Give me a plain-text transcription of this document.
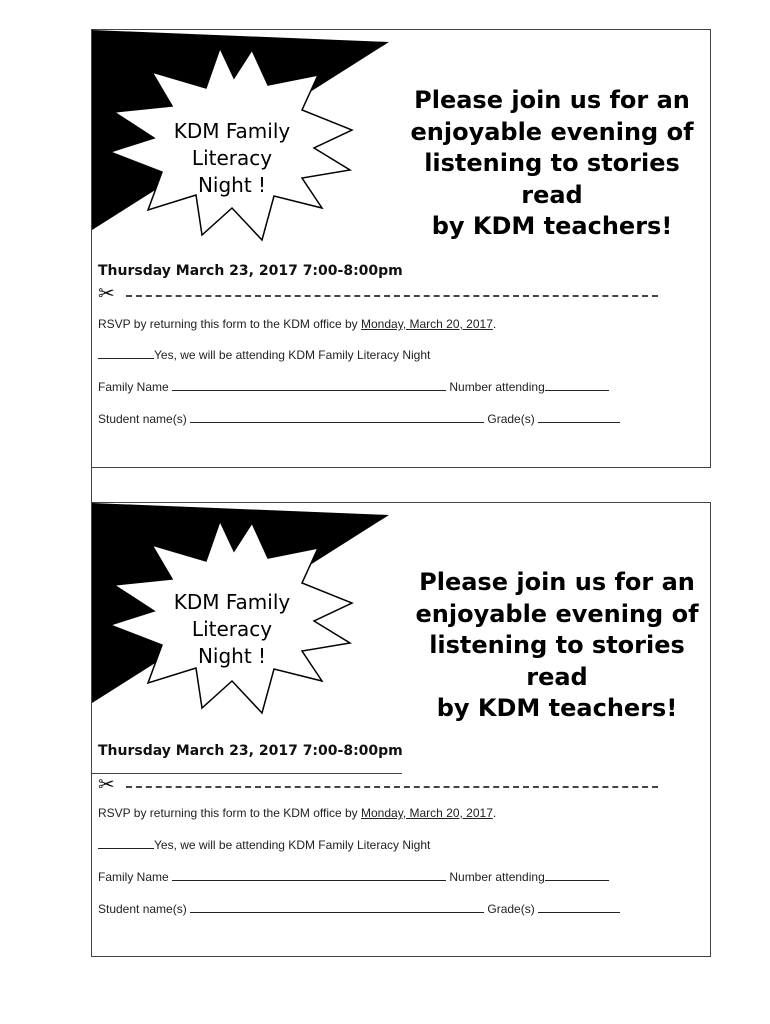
KDM Family
Literacy
Night !
Please join us for an
enjoyable evening of
listening to stories read
by KDM teachers!
Thursday March 23, 2017 7:00-8:00pm
✂
RSVP by returning this form to the KDM office by Monday, March 20, 2017.
Yes, we will be attending KDM Family Literacy Night
Family Name	Number attending
Student name(s)	Grade(s)
KDM Family
Literacy
Night !
Please join us for an
enjoyable evening of
listening to stories read
by KDM teachers!
Thursday March 23, 2017 7:00-8:00pm
✂
RSVP by returning this form to the KDM office by Monday, March 20, 2017.
Yes, we will be attending KDM Family Literacy Night
Family Name	Number attending
Student name(s)	Grade(s)
